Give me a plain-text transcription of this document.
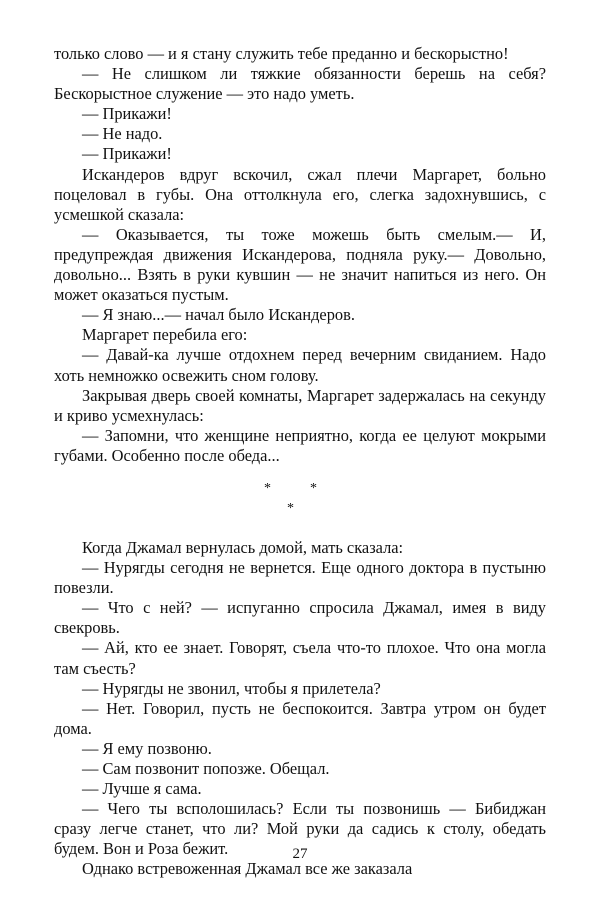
только слово — и я стану служить тебе преданно и бескорыстно!

— Не слишком ли тяжкие обязанности берешь на себя? Бескорыстное служение — это надо уметь.

— Прикажи!

— Не надо.

— Прикажи!

Искандеров вдруг вскочил, сжал плечи Маргарет, больно поцеловал в губы. Она оттолкнула его, слегка задохнувшись, с усмешкой сказала:

— Оказывается, ты тоже можешь быть смелым.— И, предупреждая движения Искандерова, подняла руку.— Довольно, довольно... Взять в руки кувшин — не значит напиться из него. Он может оказаться пустым.

— Я знаю...— начал было Искандеров.

Маргарет перебила его:

— Давай-ка лучше отдохнем перед вечерним свиданием. Надо хоть немножко освежить сном голову.

Закрывая дверь своей комнаты, Маргарет задержалась на секунду и криво усмехнулась:

— Запомни, что женщине неприятно, когда ее целуют мокрыми губами. Особенно после обеда...

*	*
*

Когда Джамал вернулась домой, мать сказала:

— Нурягды сегодня не вернется. Еще одного доктора в пустыню повезли.

— Что с ней? — испуганно спросила Джамал, имея в виду свекровь.

— Ай, кто ее знает. Говорят, съела что-то плохое. Что она могла там съесть?

— Нурягды не звонил, чтобы я прилетела?

— Нет. Говорил, пусть не беспокоится. Завтра утром он будет дома.

— Я ему позвоню.

— Сам позвонит попозже. Обещал.

— Лучше я сама.

— Чего ты всполошилась? Если ты позвонишь — Бибиджан сразу легче станет, что ли? Мой руки да садись к столу, обедать будем. Вон и Роза бежит.

Однако встревоженная Джамал все же заказала

27
